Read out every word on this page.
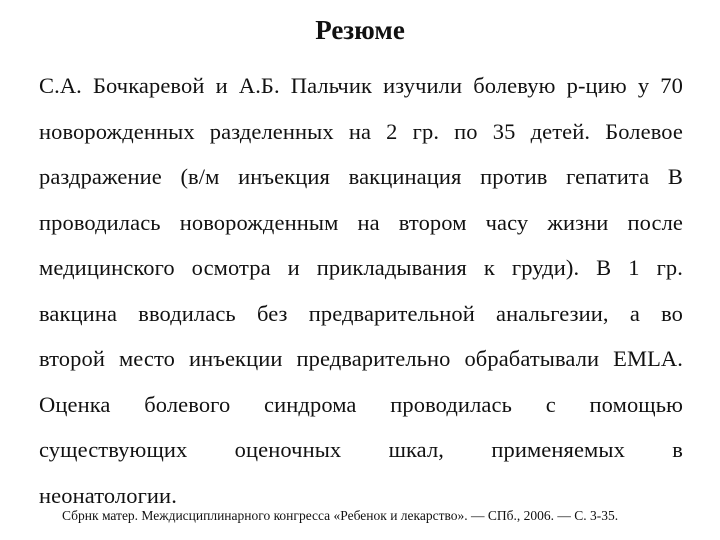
Резюме
С.А. Бочкаревой и А.Б. Пальчик изучили болевую р-цию у 70
новорожденных разделенных на 2 гр. по 35 детей. Болевое
раздражение (в/м инъекция вакцинация против гепатита В
проводилась новорожденным на втором часу жизни после
медицинского осмотра и прикладывания к груди). В 1 гр.
вакцина вводилась без предварительной анальгезии, а во
второй место инъекции предварительно обрабатывали EMLA.
Оценка болевого синдрома проводилась с помощью
существующих оценочных шкал, применяемых в
неонатологии.
Сбрнк матер. Междисциплинарного конгресса «Ребенок и лекарство». — СПб., 2006. — С. 3-35.
